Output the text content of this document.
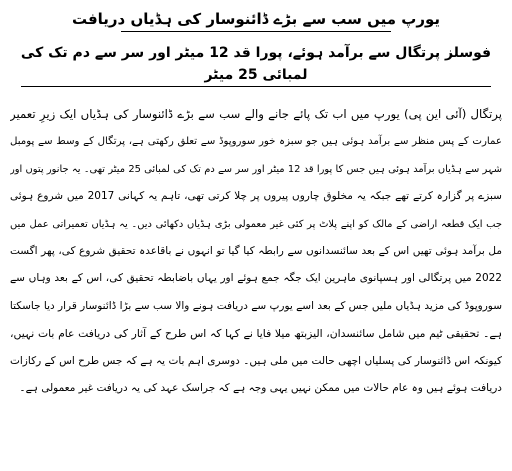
یورپ میں سب سے بڑے ڈائنوسار کی ہڈیاں دریافت
فوسلز پرتگال سے برآمد ہوئے، پورا قد 12 میٹر اور سر سے دم تک کی لمبائی 25 میٹر
پرتگال (آئی این پی) یورپ میں اب تک پائے جانے والے سب سے بڑے ڈائنوسار کی ہڈیاں ایک زیرِ تعمیر
عمارت کے پس منظر سے برآمد ہوئی ہیں جو سبزہ خور سوروپوڈ سے تعلق رکھتی ہے، پرتگال کے وسط سے پومبل
شہر سے ہڈیاں برآمد ہوئی ہیں جس کا پورا قد 12 میٹر اور سر سے دم تک کی لمبائی 25 میٹر تھی۔ یہ جانور پتوں اور
سبزے پر گزارہ کرتے تھے جبکہ یہ مخلوق چاروں پیروں پر چلا کرتی تھی، تاہم یہ کہانی 2017 میں شروع ہوئی
جب ایک قطعہ اراضی کے مالک کو اپنے پلاٹ پر کئی غیر معمولی بڑی ہڈیاں دکھائی دیں۔ یہ ہڈیاں تعمیراتی عمل میں
مل برآمد ہوئی تھیں اس کے بعد سائنسدانوں سے رابطہ کیا گیا تو انہوں نے باقاعدہ تحقیق شروع کی، پھر اگست
2022 میں پرتگالی اور ہسپانوی ماہرین ایک جگہ جمع ہوئے اور یہاں باضابطہ تحقیق کی، اس کے بعد وہاں سے
سوروپوڈ کی مزید ہڈیاں ملیں جس کے بعد اسے یورپ سے دریافت ہونے والا سب سے بڑا ڈائنوسار قرار دیا جاسکتا
ہے۔ تحقیقی ٹیم میں شامل سائنسدان، الیزبتھ میلا فایا نے کہا کہ اس طرح کے آثار کی دریافت عام بات نہیں،
کیونکہ اس ڈائنوسار کی پسلیاں اچھی حالت میں ملی ہیں۔ دوسری اہم بات یہ ہے کہ جس طرح اس کے رکازات
دریافت ہوئے ہیں وہ عام حالات میں ممکن نہیں یہی وجہ ہے کہ جراسک عہد کی یہ دریافت غیر معمولی ہے۔
